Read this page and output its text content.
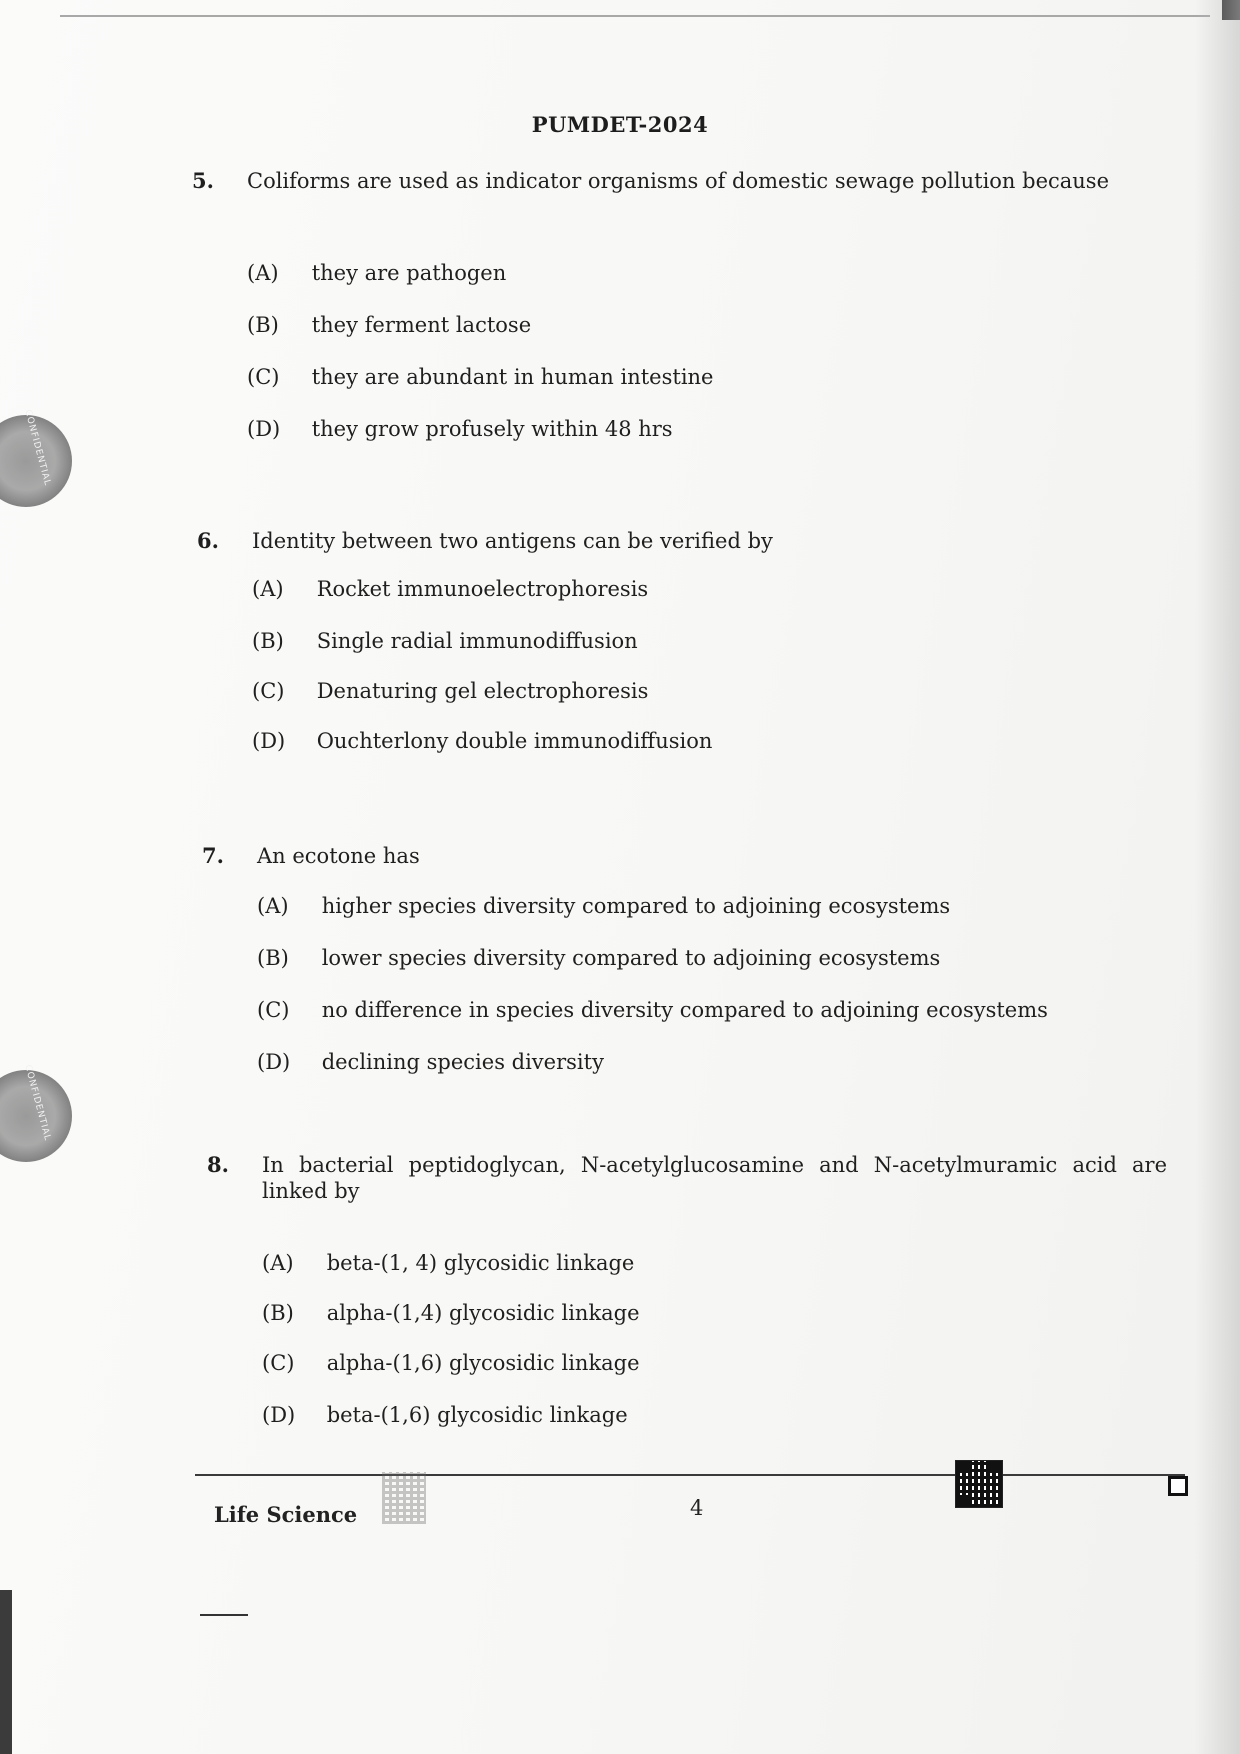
CONFIDENTIAL
CONFIDENTIAL
PUMDET-2024
5. Coliforms are used as indicator organisms of domestic sewage pollution because
(A) they are pathogen
(B) they ferment lactose
(C) they are abundant in human intestine
(D) they grow profusely within 48 hrs
6. Identity between two antigens can be verified by
(A) Rocket immunoelectrophoresis
(B) Single radial immunodiffusion
(C) Denaturing gel electrophoresis
(D) Ouchterlony double immunodiffusion
7. An ecotone has
(A) higher species diversity compared to adjoining ecosystems
(B) lower species diversity compared to adjoining ecosystems
(C) no difference in species diversity compared to adjoining ecosystems
(D) declining species diversity
8. In bacterial peptidoglycan, N-acetylglucosamine and N-acetylmuramic acid are linked by
(A) beta-(1, 4) glycosidic linkage
(B) alpha-(1,4) glycosidic linkage
(C) alpha-(1,6) glycosidic linkage
(D) beta-(1,6) glycosidic linkage
Life Science	4
